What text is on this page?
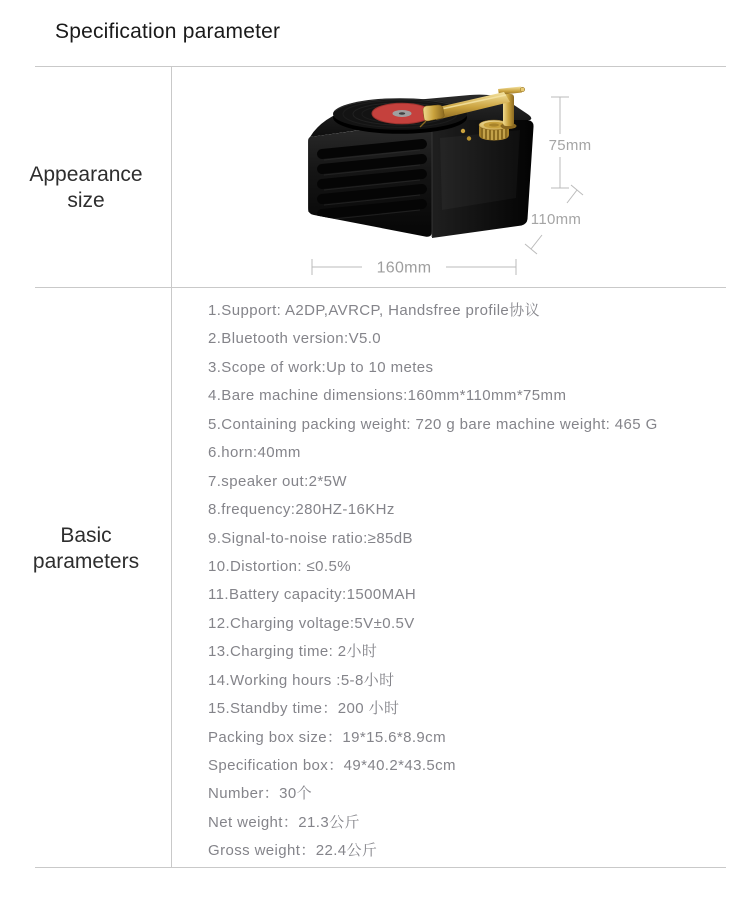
Specification parameter
Appearance
size
Basic
parameters
75mm
110mm
160mm
1.Support: A2DP,AVRCP, Handsfree profile协议
2.Bluetooth version:V5.0
3.Scope of work:Up to 10 metes
4.Bare machine dimensions:160mm*110mm*75mm
5.Containing packing weight: 720 g bare machine weight: 465 G
6.horn:40mm
7.speaker out:2*5W
8.frequency:280HZ-16KHz
9.Signal-to-noise ratio:≥85dB
10.Distortion: ≤0.5%
11.Battery capacity:1500MAH
12.Charging voltage:5V±0.5V
13.Charging time: 2小时
14.Working hours :5-8小时
15.Standby time：200 小时
Packing box size：19*15.6*8.9cm
Specification box：49*40.2*43.5cm
Number：30个
Net weight：21.3公斤
Gross weight：22.4公斤
